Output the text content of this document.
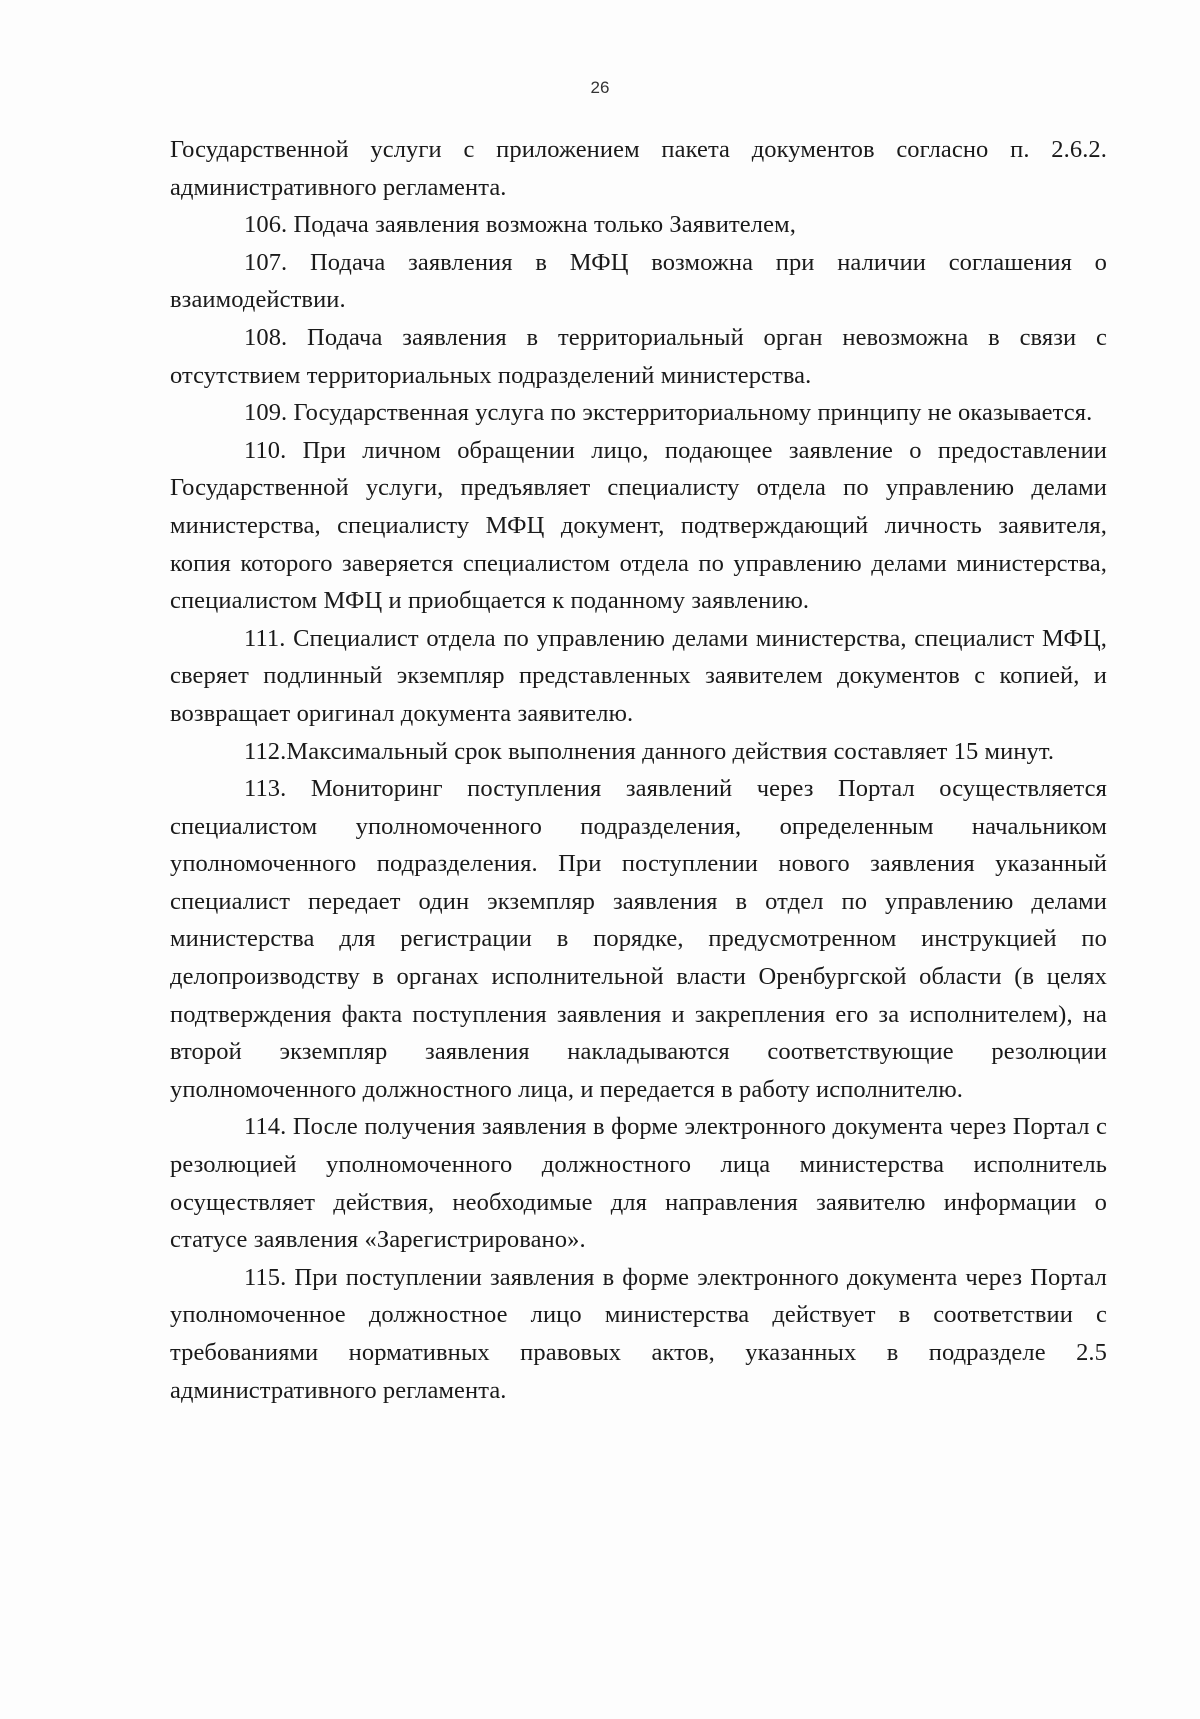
26

Государственной услуги с приложением пакета документов согласно п. 2.6.2. административного регламента.

106. Подача заявления возможна только Заявителем,

107. Подача заявления в МФЦ возможна при наличии соглашения о взаимодействии.

108. Подача заявления в территориальный орган невозможна в связи с отсутствием территориальных подразделений министерства.

109. Государственная услуга по экстерриториальному принципу не оказывается.

110. При личном обращении лицо, подающее заявление о предоставлении Государственной услуги, предъявляет специалисту отдела по управлению делами министерства, специалисту МФЦ документ, подтверждающий личность заявителя, копия которого заверяется специалистом отдела по управлению делами министерства, специалистом МФЦ и приобщается к поданному заявлению.

111. Специалист отдела по управлению делами министерства, специалист МФЦ, сверяет подлинный экземпляр представленных заявителем документов с копией, и возвращает оригинал документа заявителю.

112.Максимальный срок выполнения данного действия составляет 15 минут.

113. Мониторинг поступления заявлений через Портал осуществляется специалистом уполномоченного подразделения, определенным начальником уполномоченного подразделения. При поступлении нового заявления указанный специалист передает один экземпляр заявления в отдел по управлению делами министерства для регистрации в порядке, предусмотренном инструкцией по делопроизводству в органах исполнительной власти Оренбургской области (в целях подтверждения факта поступления заявления и закрепления его за исполнителем), на второй экземпляр заявления накладываются соответствующие резолюции уполномоченного должностного лица, и передается в работу исполнителю.

114. После получения заявления в форме электронного документа через Портал с резолюцией уполномоченного должностного лица министерства исполнитель осуществляет действия, необходимые для направления заявителю информации о статусе заявления «Зарегистрировано».

115. При поступлении заявления в форме электронного документа через Портал уполномоченное должностное лицо министерства действует в соответствии с требованиями нормативных правовых актов, указанных в подразделе 2.5 административного регламента.
